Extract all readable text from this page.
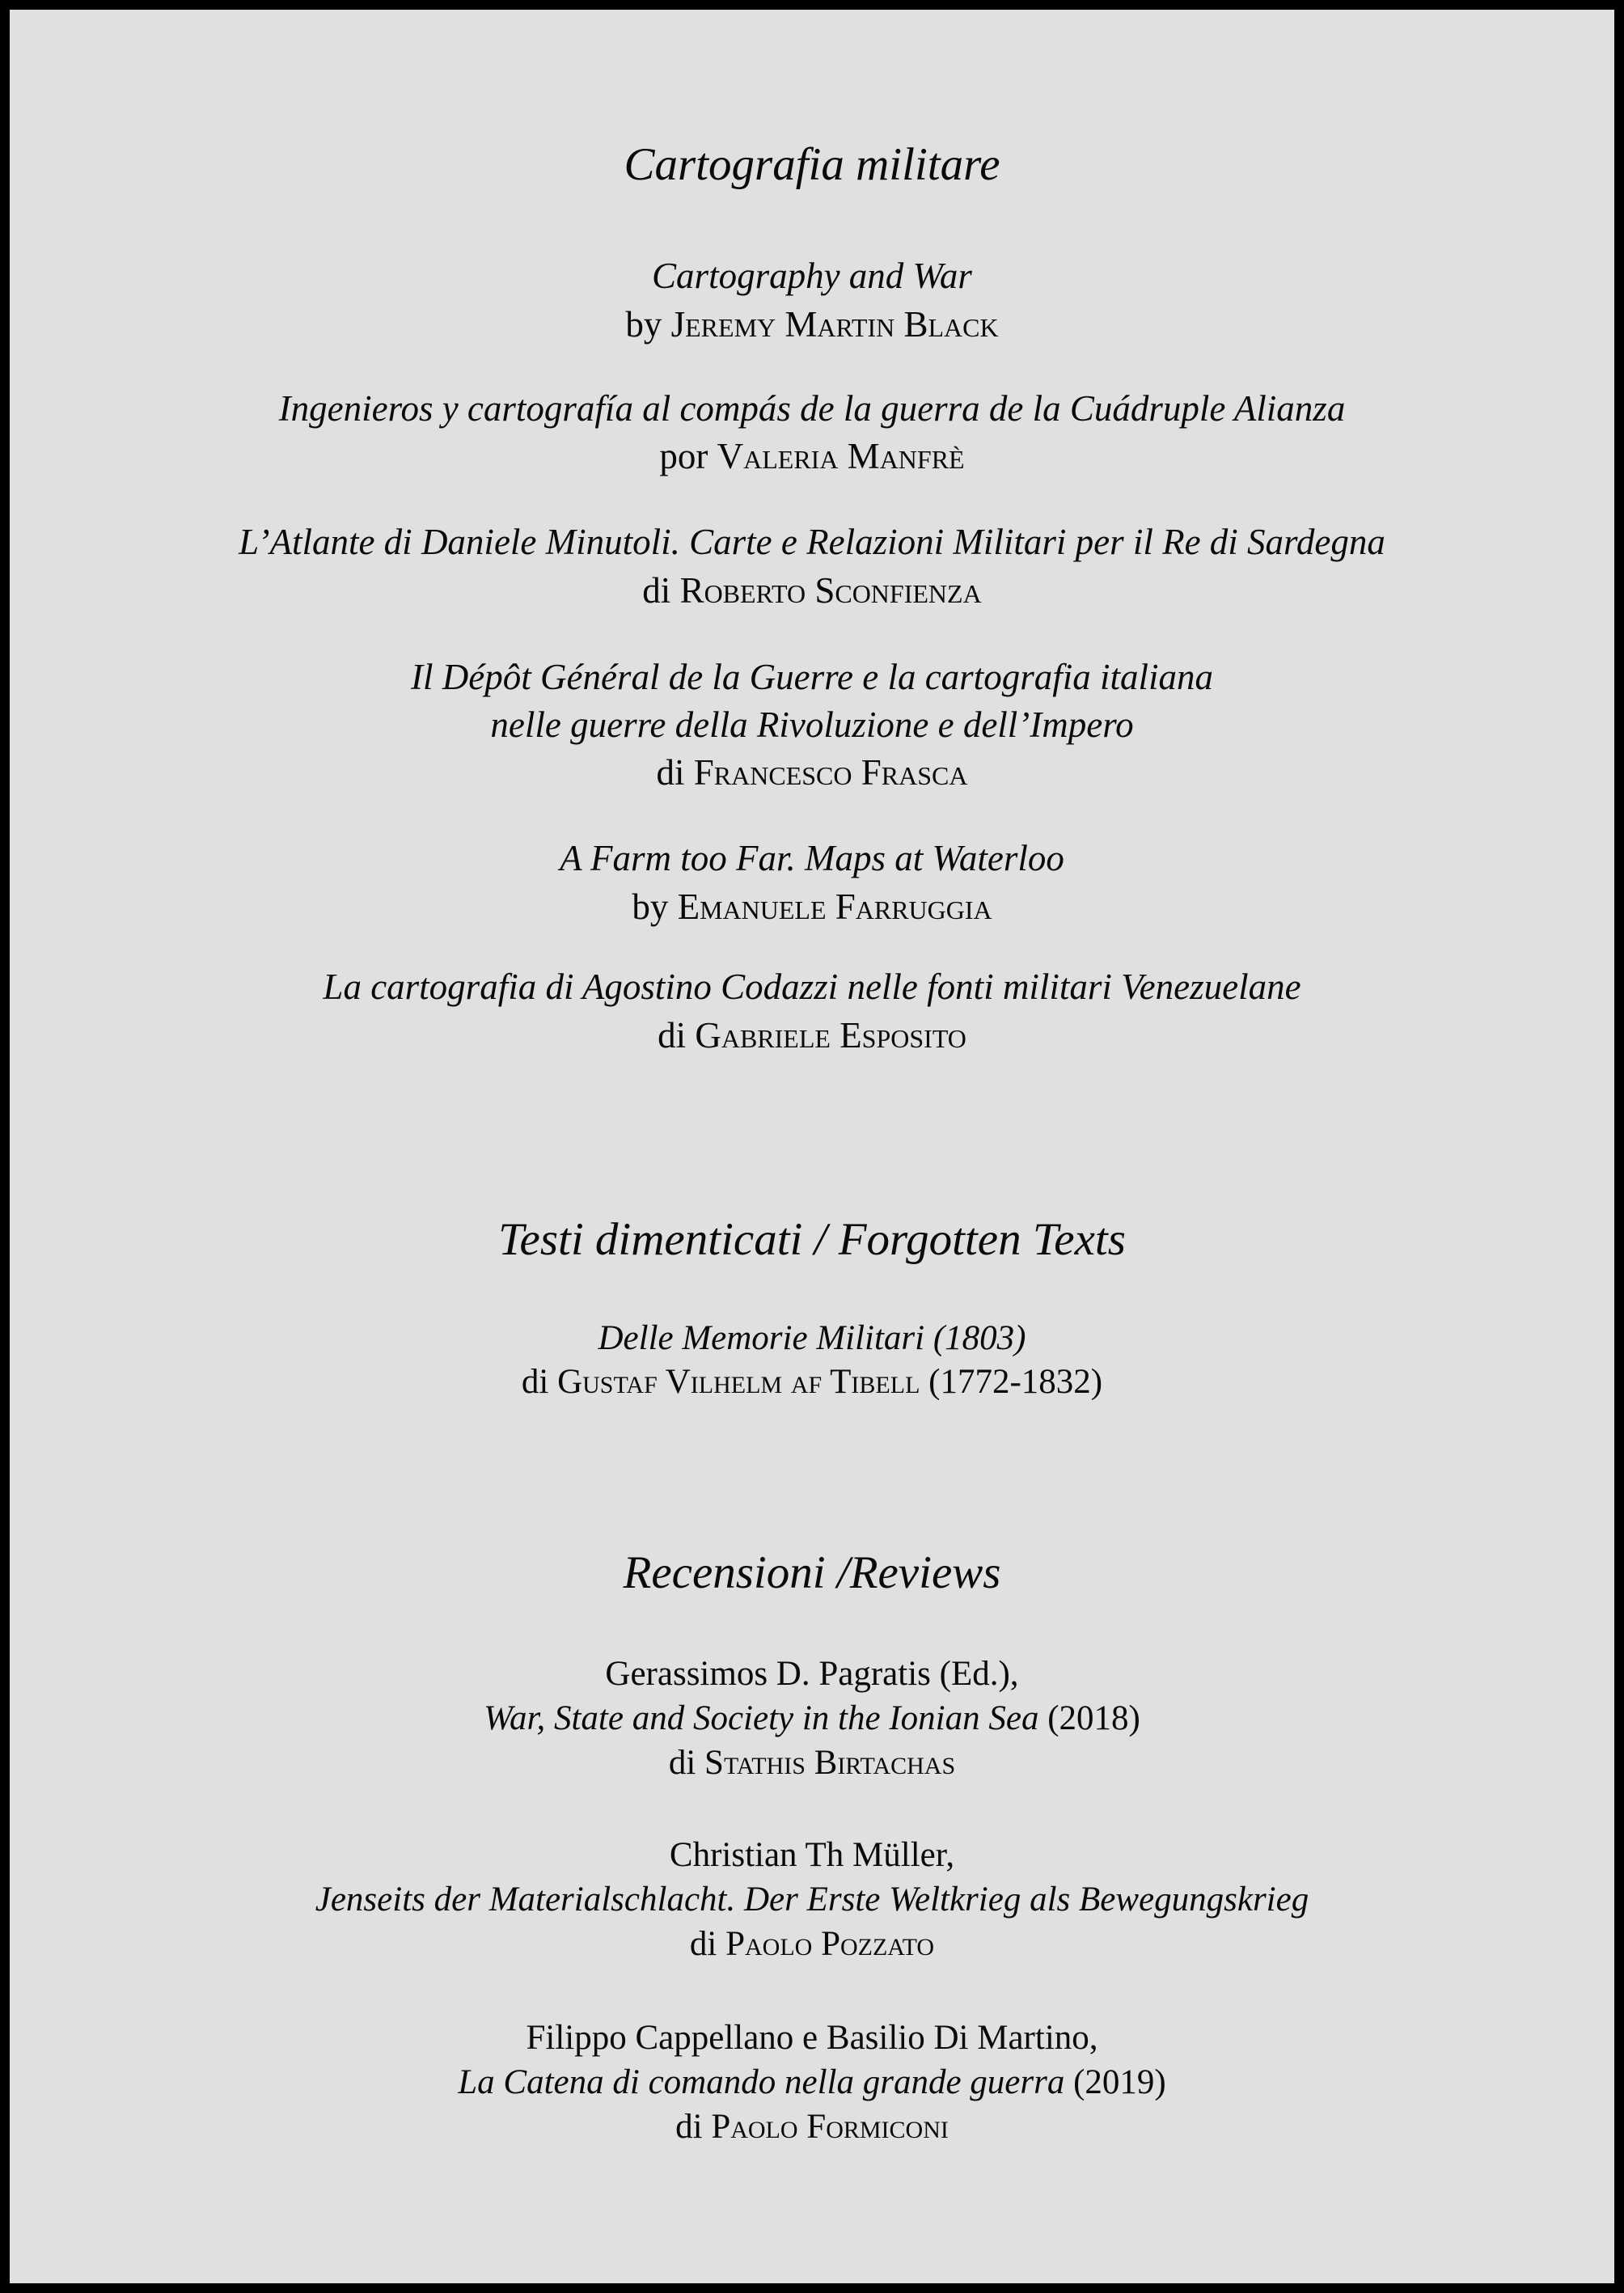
Cartografia militare
Cartography and War
by Jeremy Martin Black
Ingenieros y cartografía al compás de la guerra de la Cuádruple Alianza
por Valeria Manfrè
L’Atlante di Daniele Minutoli. Carte e Relazioni Militari per il Re di Sardegna
di Roberto Sconfienza
Il Dépôt Général de la Guerre e la cartografia italiana
nelle guerre della Rivoluzione e dell’Impero
di Francesco Frasca
A Farm too Far. Maps at Waterloo
by Emanuele Farruggia
La cartografia di Agostino Codazzi nelle fonti militari Venezuelane
di Gabriele Esposito
Testi dimenticati / Forgotten Texts
Delle Memorie Militari (1803)
di Gustaf Vilhelm af Tibell (1772-1832)
Recensioni /Reviews
Gerassimos D. Pagratis (Ed.),
War, State and Society in the Ionian Sea (2018)
di Stathis Birtachas
Christian Th Müller,
Jenseits der Materialschlacht. Der Erste Weltkrieg als Bewegungskrieg
di Paolo Pozzato
Filippo Cappellano e Basilio Di Martino,
La Catena di comando nella grande guerra (2019)
di Paolo Formiconi
